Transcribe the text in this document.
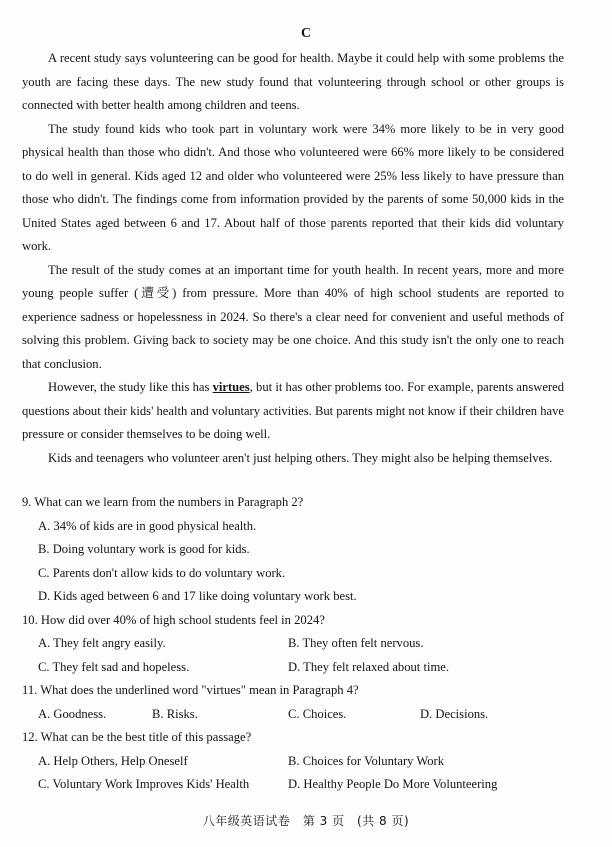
C

A recent study says volunteering can be good for health. Maybe it could help with some problems the youth are facing these days. The new study found that volunteering through school or other groups is connected with better health among children and teens.

The study found kids who took part in voluntary work were 34% more likely to be in very good physical health than those who didn't. And those who volunteered were 66% more likely to be considered to do well in general. Kids aged 12 and older who volunteered were 25% less likely to have pressure than those who didn't. The findings come from information provided by the parents of some 50,000 kids in the United States aged between 6 and 17. About half of those parents reported that their kids did voluntary work.

The result of the study comes at an important time for youth health. In recent years, more and more young people suffer (遭受) from pressure. More than 40% of high school students are reported to experience sadness or hopelessness in 2024. So there's a clear need for convenient and useful methods of solving this problem. Giving back to society may be one choice. And this study isn't the only one to reach that conclusion.

However, the study like this has virtues, but it has other problems too. For example, parents answered questions about their kids' health and voluntary activities. But parents might not know if their children have pressure or consider themselves to be doing well.

Kids and teenagers who volunteer aren't just helping others. They might also be helping themselves.

9. What can we learn from the numbers in Paragraph 2?

A. 34% of kids are in good physical health.

B. Doing voluntary work is good for kids.

C. Parents don't allow kids to do voluntary work.

D. Kids aged between 6 and 17 like doing voluntary work best.

10. How did over 40% of high school students feel in 2024?

A. They felt angry easily.	B. They often felt nervous.
C. They felt sad and hopeless.	D. They felt relaxed about time.

11. What does the underlined word "virtues" mean in Paragraph 4?

A. Goodness.	B. Risks.	C. Choices.	D. Decisions.

12. What can be the best title of this passage?

A. Help Others, Help Oneself	B. Choices for Voluntary Work
C. Voluntary Work Improves Kids' Health	D. Healthy People Do More Volunteering
八年级英语试卷　第 3 页　(共 8 页)
